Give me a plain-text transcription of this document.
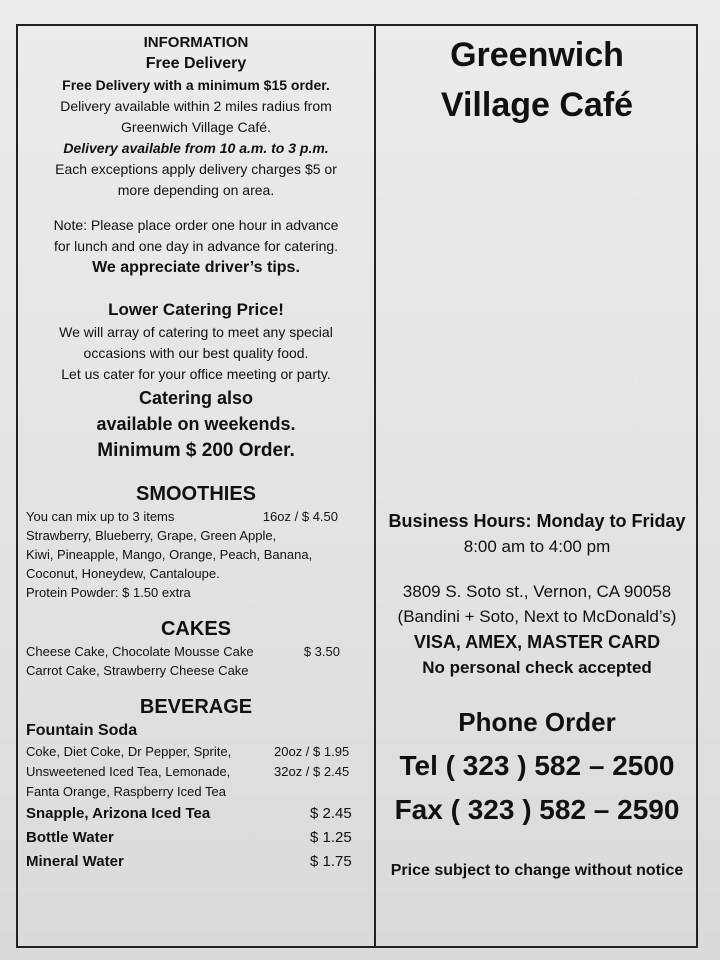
INFORMATION
Free Delivery
Free Delivery with a minimum $15 order.
Delivery available within 2 miles radius from
Greenwich Village Café.
Delivery available from 10 a.m. to 3 p.m.
Each exceptions apply delivery charges $5 or
more depending on area.
Note: Please place order one hour in advance
for lunch and one day in advance for catering.
We appreciate driver’s tips.
Lower Catering Price!
We will array of catering to meet any special
occasions with our best quality food.
Let us cater for your office meeting or party.
Catering also
available on weekends.
Minimum $ 200 Order.
SMOOTHIES
You can mix up to 3 items	16oz / $ 4.50
Strawberry, Blueberry, Grape, Green Apple,
Kiwi, Pineapple, Mango, Orange, Peach, Banana,
Coconut, Honeydew, Cantaloupe.
Protein Powder: $ 1.50 extra
CAKES
Cheese Cake, Chocolate Mousse Cake	$ 3.50
Carrot Cake, Strawberry Cheese Cake
BEVERAGE
Fountain Soda
Coke, Diet Coke, Dr Pepper, Sprite,	20oz / $ 1.95
Unsweetened Iced Tea, Lemonade,	32oz / $ 2.45
Fanta Orange, Raspberry Iced Tea
Snapple, Arizona Iced Tea	$ 2.45
Bottle Water	$ 1.25
Mineral Water	$ 1.75
Greenwich
Village Café
Business Hours: Monday to Friday
8:00 am to 4:00 pm
3809 S. Soto st., Vernon, CA 90058
(Bandini + Soto, Next to McDonald’s)
VISA, AMEX, MASTER CARD
No personal check accepted
Phone Order
Tel ( 323 ) 582 – 2500
Fax ( 323 ) 582 – 2590
Price subject to change without notice
